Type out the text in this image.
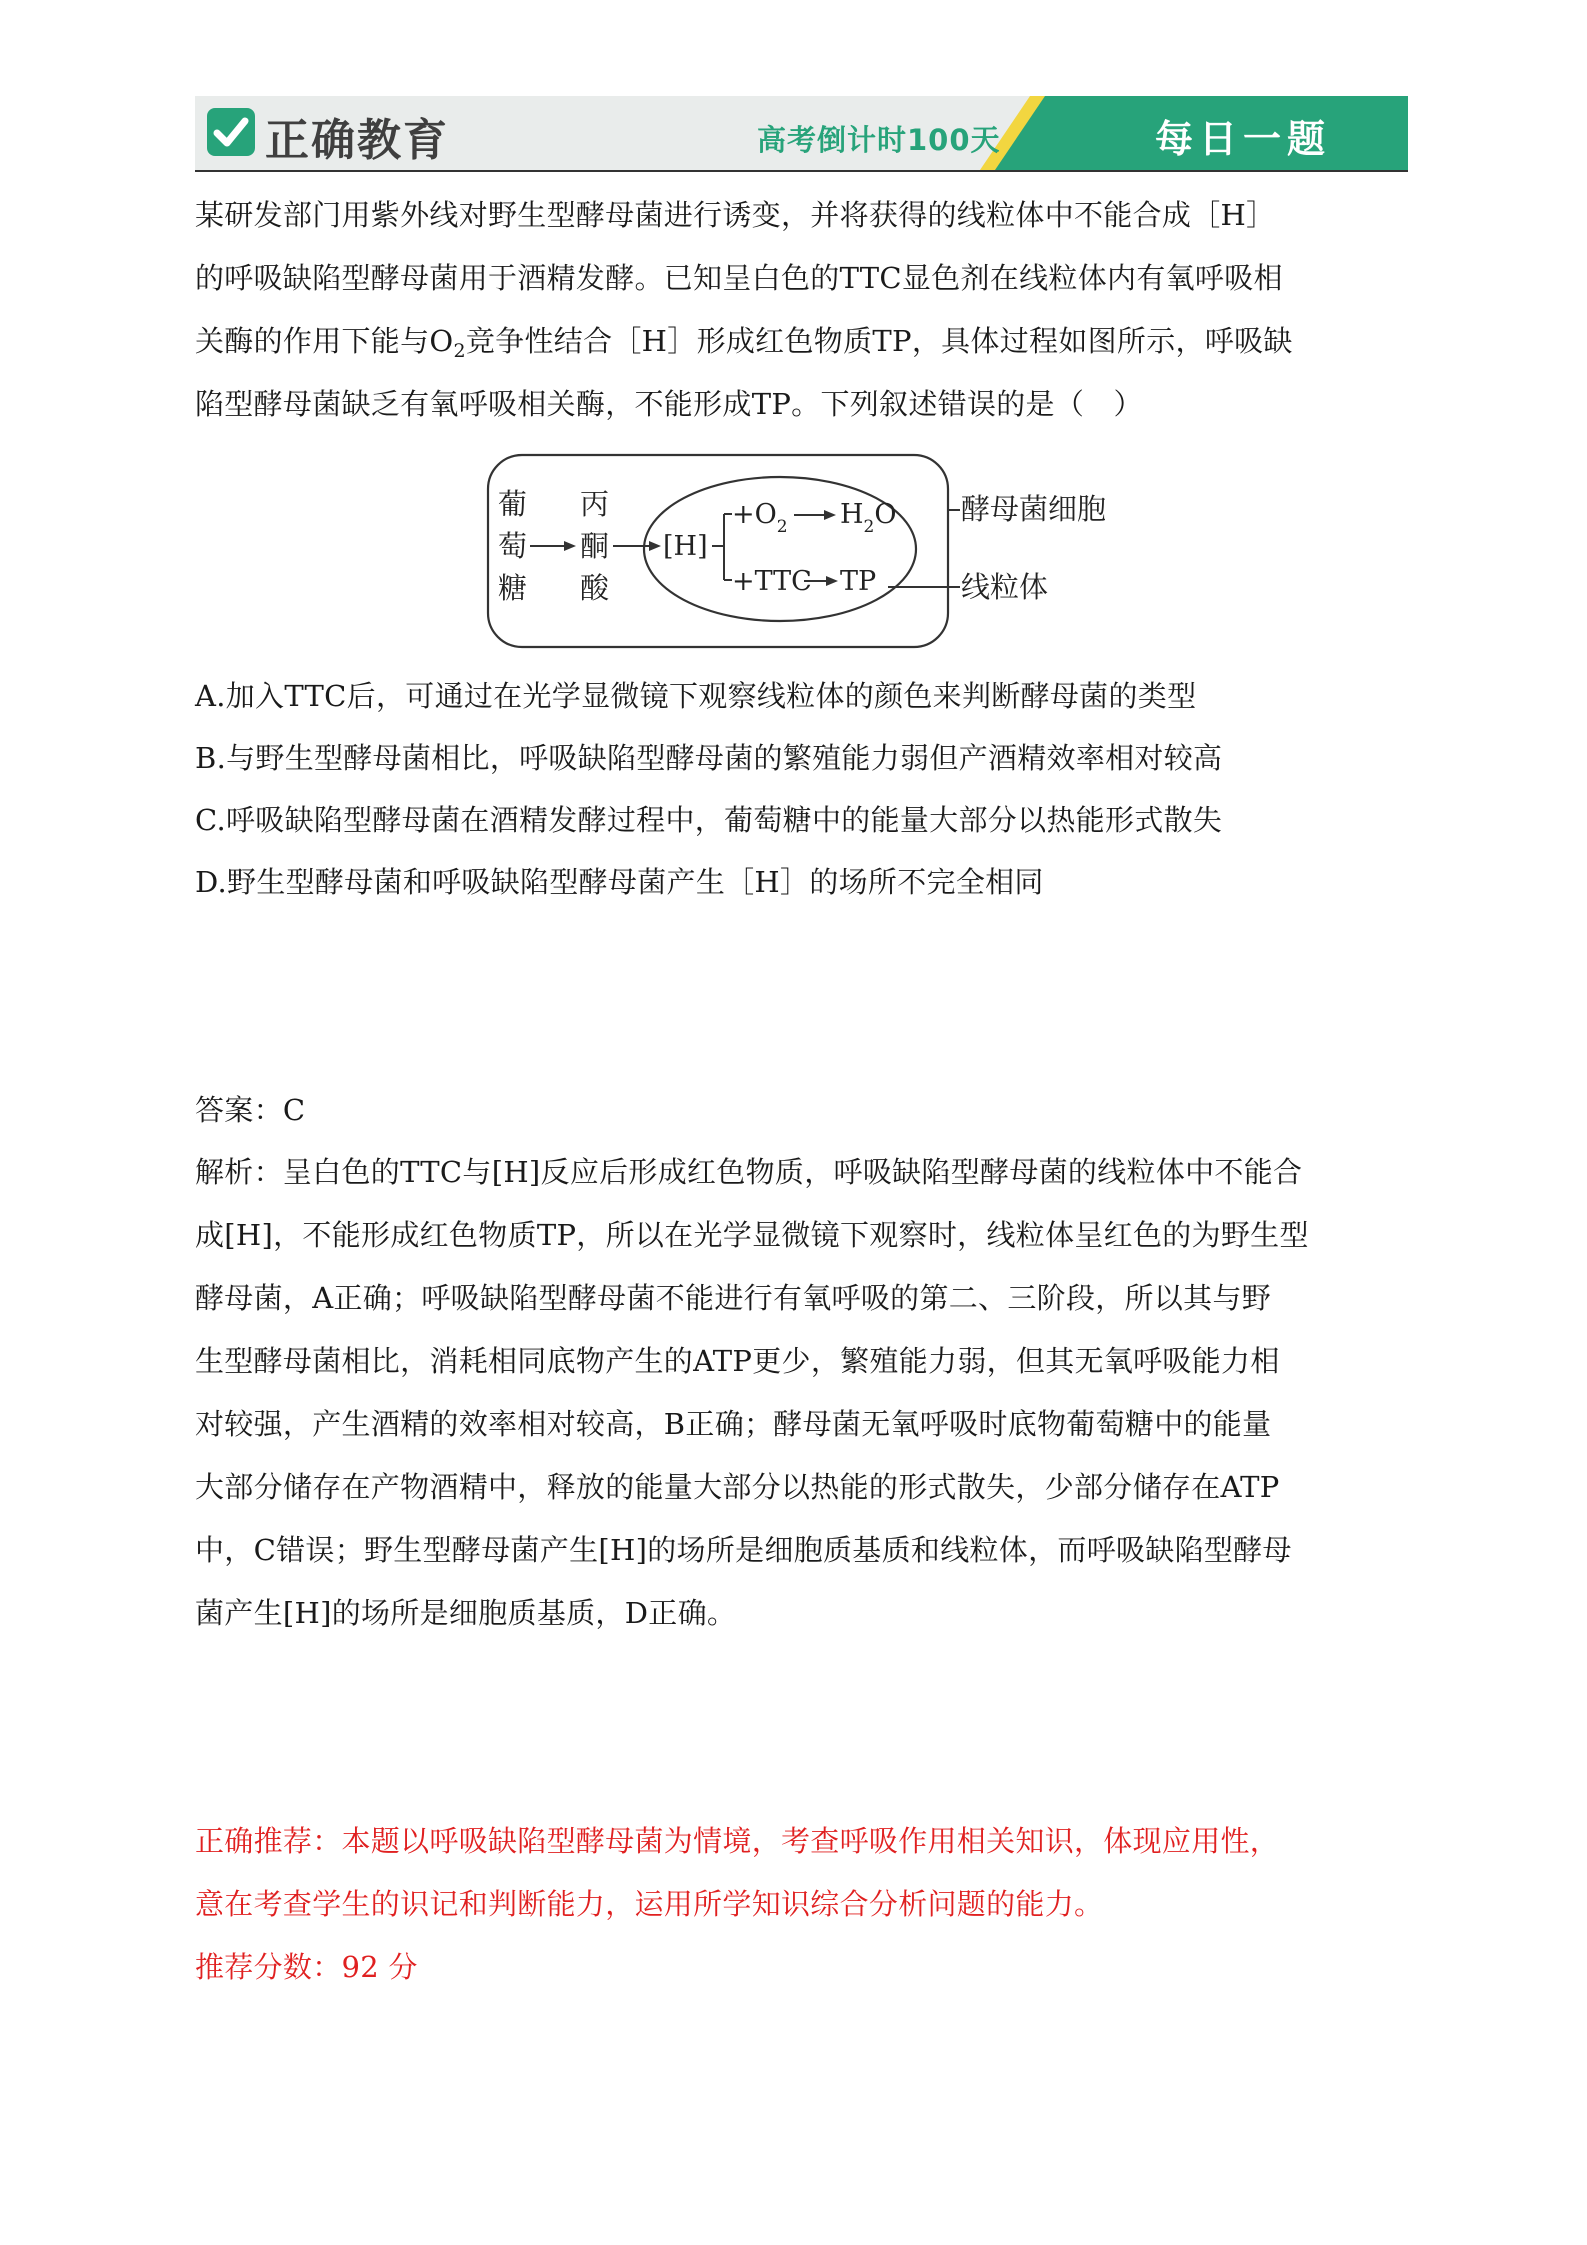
正确教育	高考倒计时100天	每日一题
某研发部门用紫外线对野生型酵母菌进行诱变，并将获得的线粒体中不能合成［H］
的呼吸缺陷型酵母菌用于酒精发酵。已知呈白色的TTC显色剂在线粒体内有氧呼吸相
关酶的作用下能与$O_2$竞争性结合［H］形成红色物质TP，具体过程如图所示，呼吸缺
陷型酵母菌缺乏有氧呼吸相关酶，不能形成TP。下列叙述错误的是（　）
葡
萄
糖
丙
酮
酸
[H]
$+O_2$ $H_2O$
+TTC TP
酵母菌细胞
线粒体
A.加入TTC后，可通过在光学显微镜下观察线粒体的颜色来判断酵母菌的类型
B.与野生型酵母菌相比，呼吸缺陷型酵母菌的繁殖能力弱但产酒精效率相对较高
C.呼吸缺陷型酵母菌在酒精发酵过程中，葡萄糖中的能量大部分以热能形式散失
D.野生型酵母菌和呼吸缺陷型酵母菌产生［H］的场所不完全相同
答案：C
解析：呈白色的TTC与[H]反应后形成红色物质，呼吸缺陷型酵母菌的线粒体中不能合
成[H]，不能形成红色物质TP，所以在光学显微镜下观察时，线粒体呈红色的为野生型
酵母菌，A正确；呼吸缺陷型酵母菌不能进行有氧呼吸的第二、三阶段，所以其与野
生型酵母菌相比，消耗相同底物产生的ATP更少，繁殖能力弱，但其无氧呼吸能力相
对较强，产生酒精的效率相对较高，B正确；酵母菌无氧呼吸时底物葡萄糖中的能量
大部分储存在产物酒精中，释放的能量大部分以热能的形式散失，少部分储存在ATP
中，C错误；野生型酵母菌产生[H]的场所是细胞质基质和线粒体，而呼吸缺陷型酵母
菌产生[H]的场所是细胞质基质，D正确。
正确推荐：本题以呼吸缺陷型酵母菌为情境，考查呼吸作用相关知识，体现应用性，
意在考查学生的识记和判断能力，运用所学知识综合分析问题的能力。
推荐分数：92 分
